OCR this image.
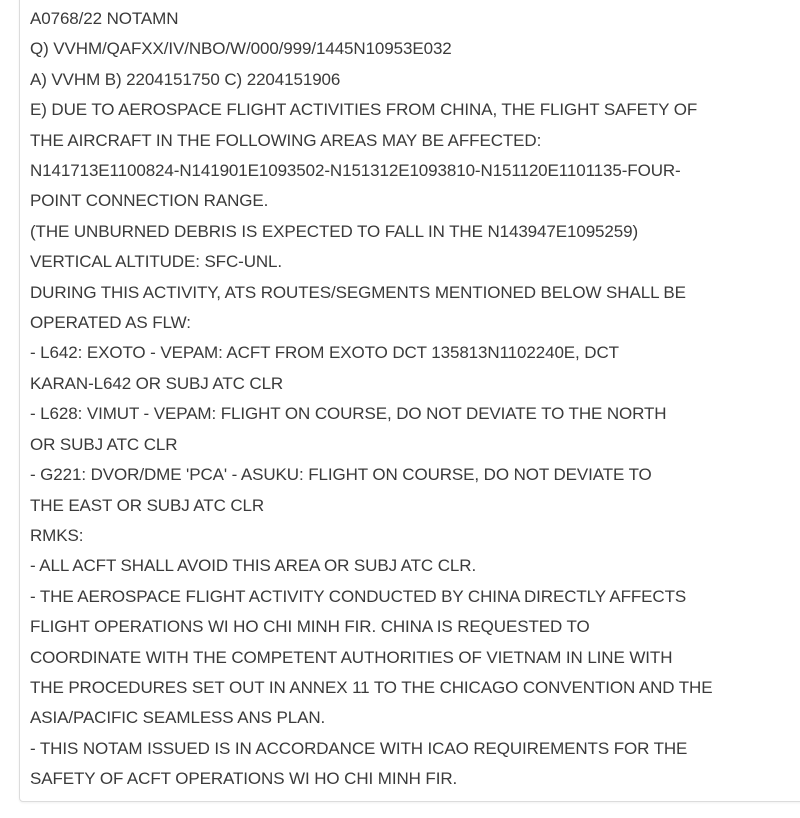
A0768/22 NOTAMN
Q) VVHM/QAFXX/IV/NBO/W/000/999/1445N10953E032
A) VVHM B) 2204151750 C) 2204151906
E) DUE TO AEROSPACE FLIGHT ACTIVITIES FROM CHINA, THE FLIGHT SAFETY OF
THE AIRCRAFT IN THE FOLLOWING AREAS MAY BE AFFECTED:
N141713E1100824-N141901E1093502-N151312E1093810-N151120E1101135-FOUR-
POINT CONNECTION RANGE.
(THE UNBURNED DEBRIS IS EXPECTED TO FALL IN THE N143947E1095259)
VERTICAL ALTITUDE: SFC-UNL.
DURING THIS ACTIVITY, ATS ROUTES/SEGMENTS MENTIONED BELOW SHALL BE
OPERATED AS FLW:
- L642: EXOTO - VEPAM: ACFT FROM EXOTO DCT 135813N1102240E, DCT
KARAN-L642 OR SUBJ ATC CLR
- L628: VIMUT - VEPAM: FLIGHT ON COURSE, DO NOT DEVIATE TO THE NORTH
OR SUBJ ATC CLR
- G221: DVOR/DME 'PCA' - ASUKU: FLIGHT ON COURSE, DO NOT DEVIATE TO
THE EAST OR SUBJ ATC CLR
RMKS:
- ALL ACFT SHALL AVOID THIS AREA OR SUBJ ATC CLR.
- THE AEROSPACE FLIGHT ACTIVITY CONDUCTED BY CHINA DIRECTLY AFFECTS
FLIGHT OPERATIONS WI HO CHI MINH FIR. CHINA IS REQUESTED TO
COORDINATE WITH THE COMPETENT AUTHORITIES OF VIETNAM IN LINE WITH
THE PROCEDURES SET OUT IN ANNEX 11 TO THE CHICAGO CONVENTION AND THE
ASIA/PACIFIC SEAMLESS ANS PLAN.
- THIS NOTAM ISSUED IS IN ACCORDANCE WITH ICAO REQUIREMENTS FOR THE
SAFETY OF ACFT OPERATIONS WI HO CHI MINH FIR.
